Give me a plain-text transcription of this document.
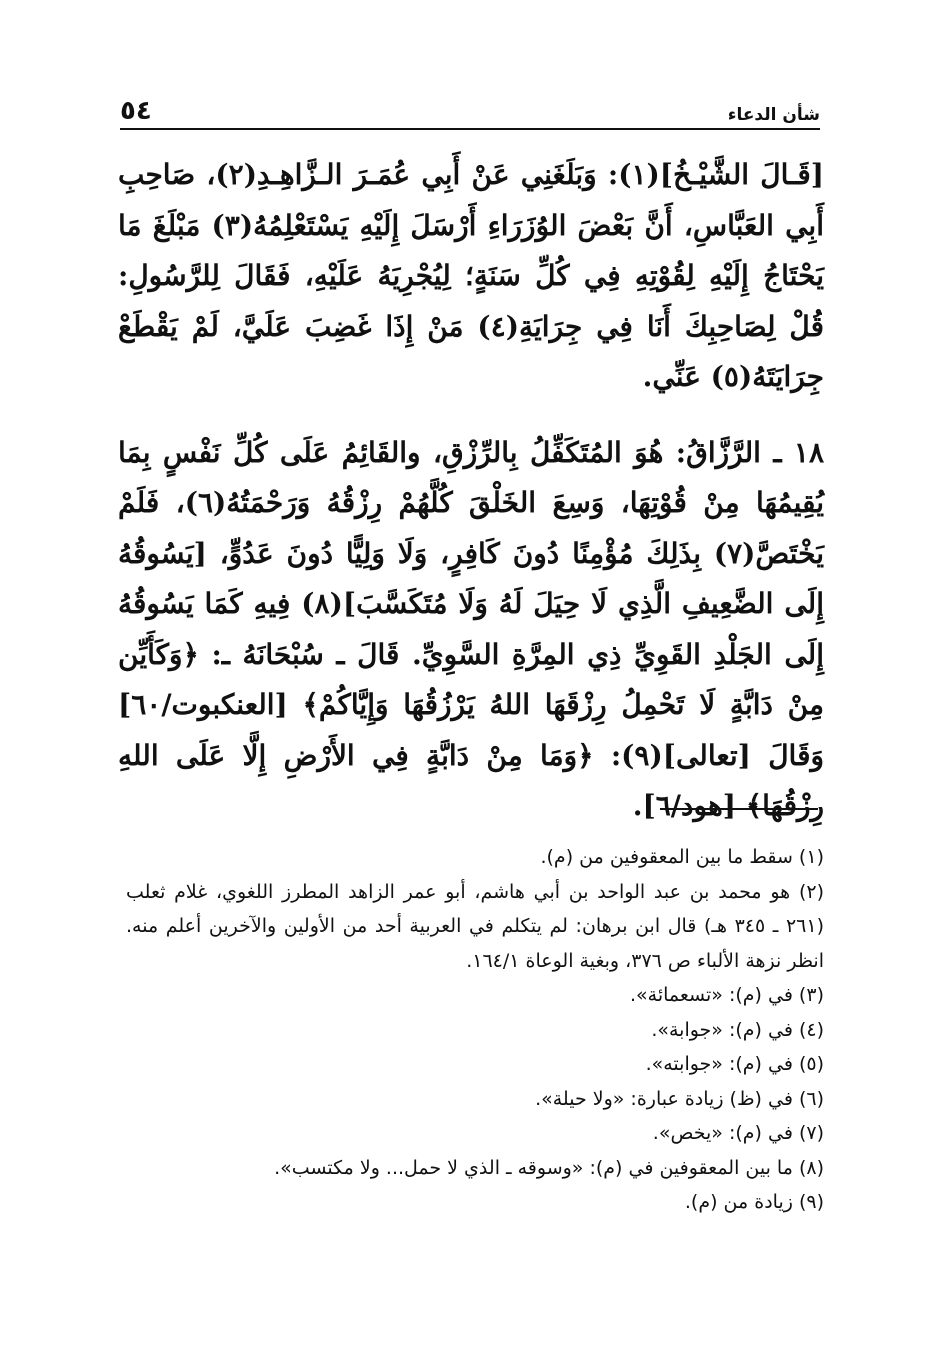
شأن الدعاء
٥٤

[قَـالَ الشَّيْـخُ](١): وَبَلَغَنِي عَنْ أَبِي عُمَـرَ الـزَّاهِـدِ(٢)، صَاحِبِ أَبِي العَبَّاسِ، أَنَّ بَعْضَ الوُزَرَاءِ أَرْسَلَ إِلَيْهِ يَسْتَعْلِمُهُ(٣) مَبْلَغَ مَا يَحْتَاجُ إِلَيْهِ لِقُوْتِهِ فِي كُلِّ سَنَةٍ؛ لِيُجْرِيَهُ عَلَيْهِ، فَقَالَ لِلرَّسُولِ: قُلْ لِصَاحِبِكَ أَنَا فِي جِرَايَةِ(٤) مَنْ إِذَا غَضِبَ عَلَيَّ، لَمْ يَقْطَعْ جِرَايَتَهُ(٥) عَنِّي.

١٨ ـ الرَّزَّاقُ: هُوَ المُتَكَفِّلُ بِالرِّزْقِ، والقَائِمُ عَلَى كُلِّ نَفْسٍ بِمَا يُقِيمُهَا مِنْ قُوْتِهَا، وَسِعَ الخَلْقَ كُلَّهُمْ رِزْقُهُ وَرَحْمَتُهُ(٦)، فَلَمْ يَخْتَصَّ(٧) بِذَلِكَ مُؤْمِنًا دُونَ كَافِرٍ، وَلَا وَلِيًّا دُونَ عَدُوٍّ، [يَسُوقُهُ إِلَى الضَّعِيفِ الَّذِي لَا حِيَلَ لَهُ وَلَا مُتَكَسَّبَ](٨) فِيهِ كَمَا يَسُوقُهُ إِلَى الجَلْدِ القَوِيِّ ذِي المِرَّةِ السَّوِيِّ. قَالَ ـ سُبْحَانَهُ ـ: ﴿وَكَأَيِّن مِنْ دَابَّةٍ لَا تَحْمِلُ رِزْقَهَا اللهُ يَرْزُقُهَا وَإِيَّاكُمْ﴾ [العنكبوت/٦٠] وَقَالَ [تعالى](٩): ﴿وَمَا مِنْ دَابَّةٍ فِي الأَرْضِ إِلَّا عَلَى اللهِ رِزْقُهَا﴾ [هود/٦].

(١) سقط ما بين المعقوفين من (م).
(٢) هو محمد بن عبد الواحد بن أبي هاشم، أبو عمر الزاهد المطرز اللغوي، غلام ثعلب (٢٦١ ـ ٣٤٥ هـ) قال ابن برهان: لم يتكلم في العربية أحد من الأولين والآخرين أعلم منه. انظر نزهة الألباء ص ٣٧٦، وبغية الوعاة ١٦٤/١.
(٣) في (م): «تسعمائة».
(٤) في (م): «جوابة».
(٥) في (م): «جوابته».
(٦) في (ظ) زيادة عبارة: «ولا حيلة».
(٧) في (م): «يخص».
(٨) ما بين المعقوفين في (م): «وسوقه ـ الذي لا حمل... ولا مكتسب».
(٩) زيادة من (م).
